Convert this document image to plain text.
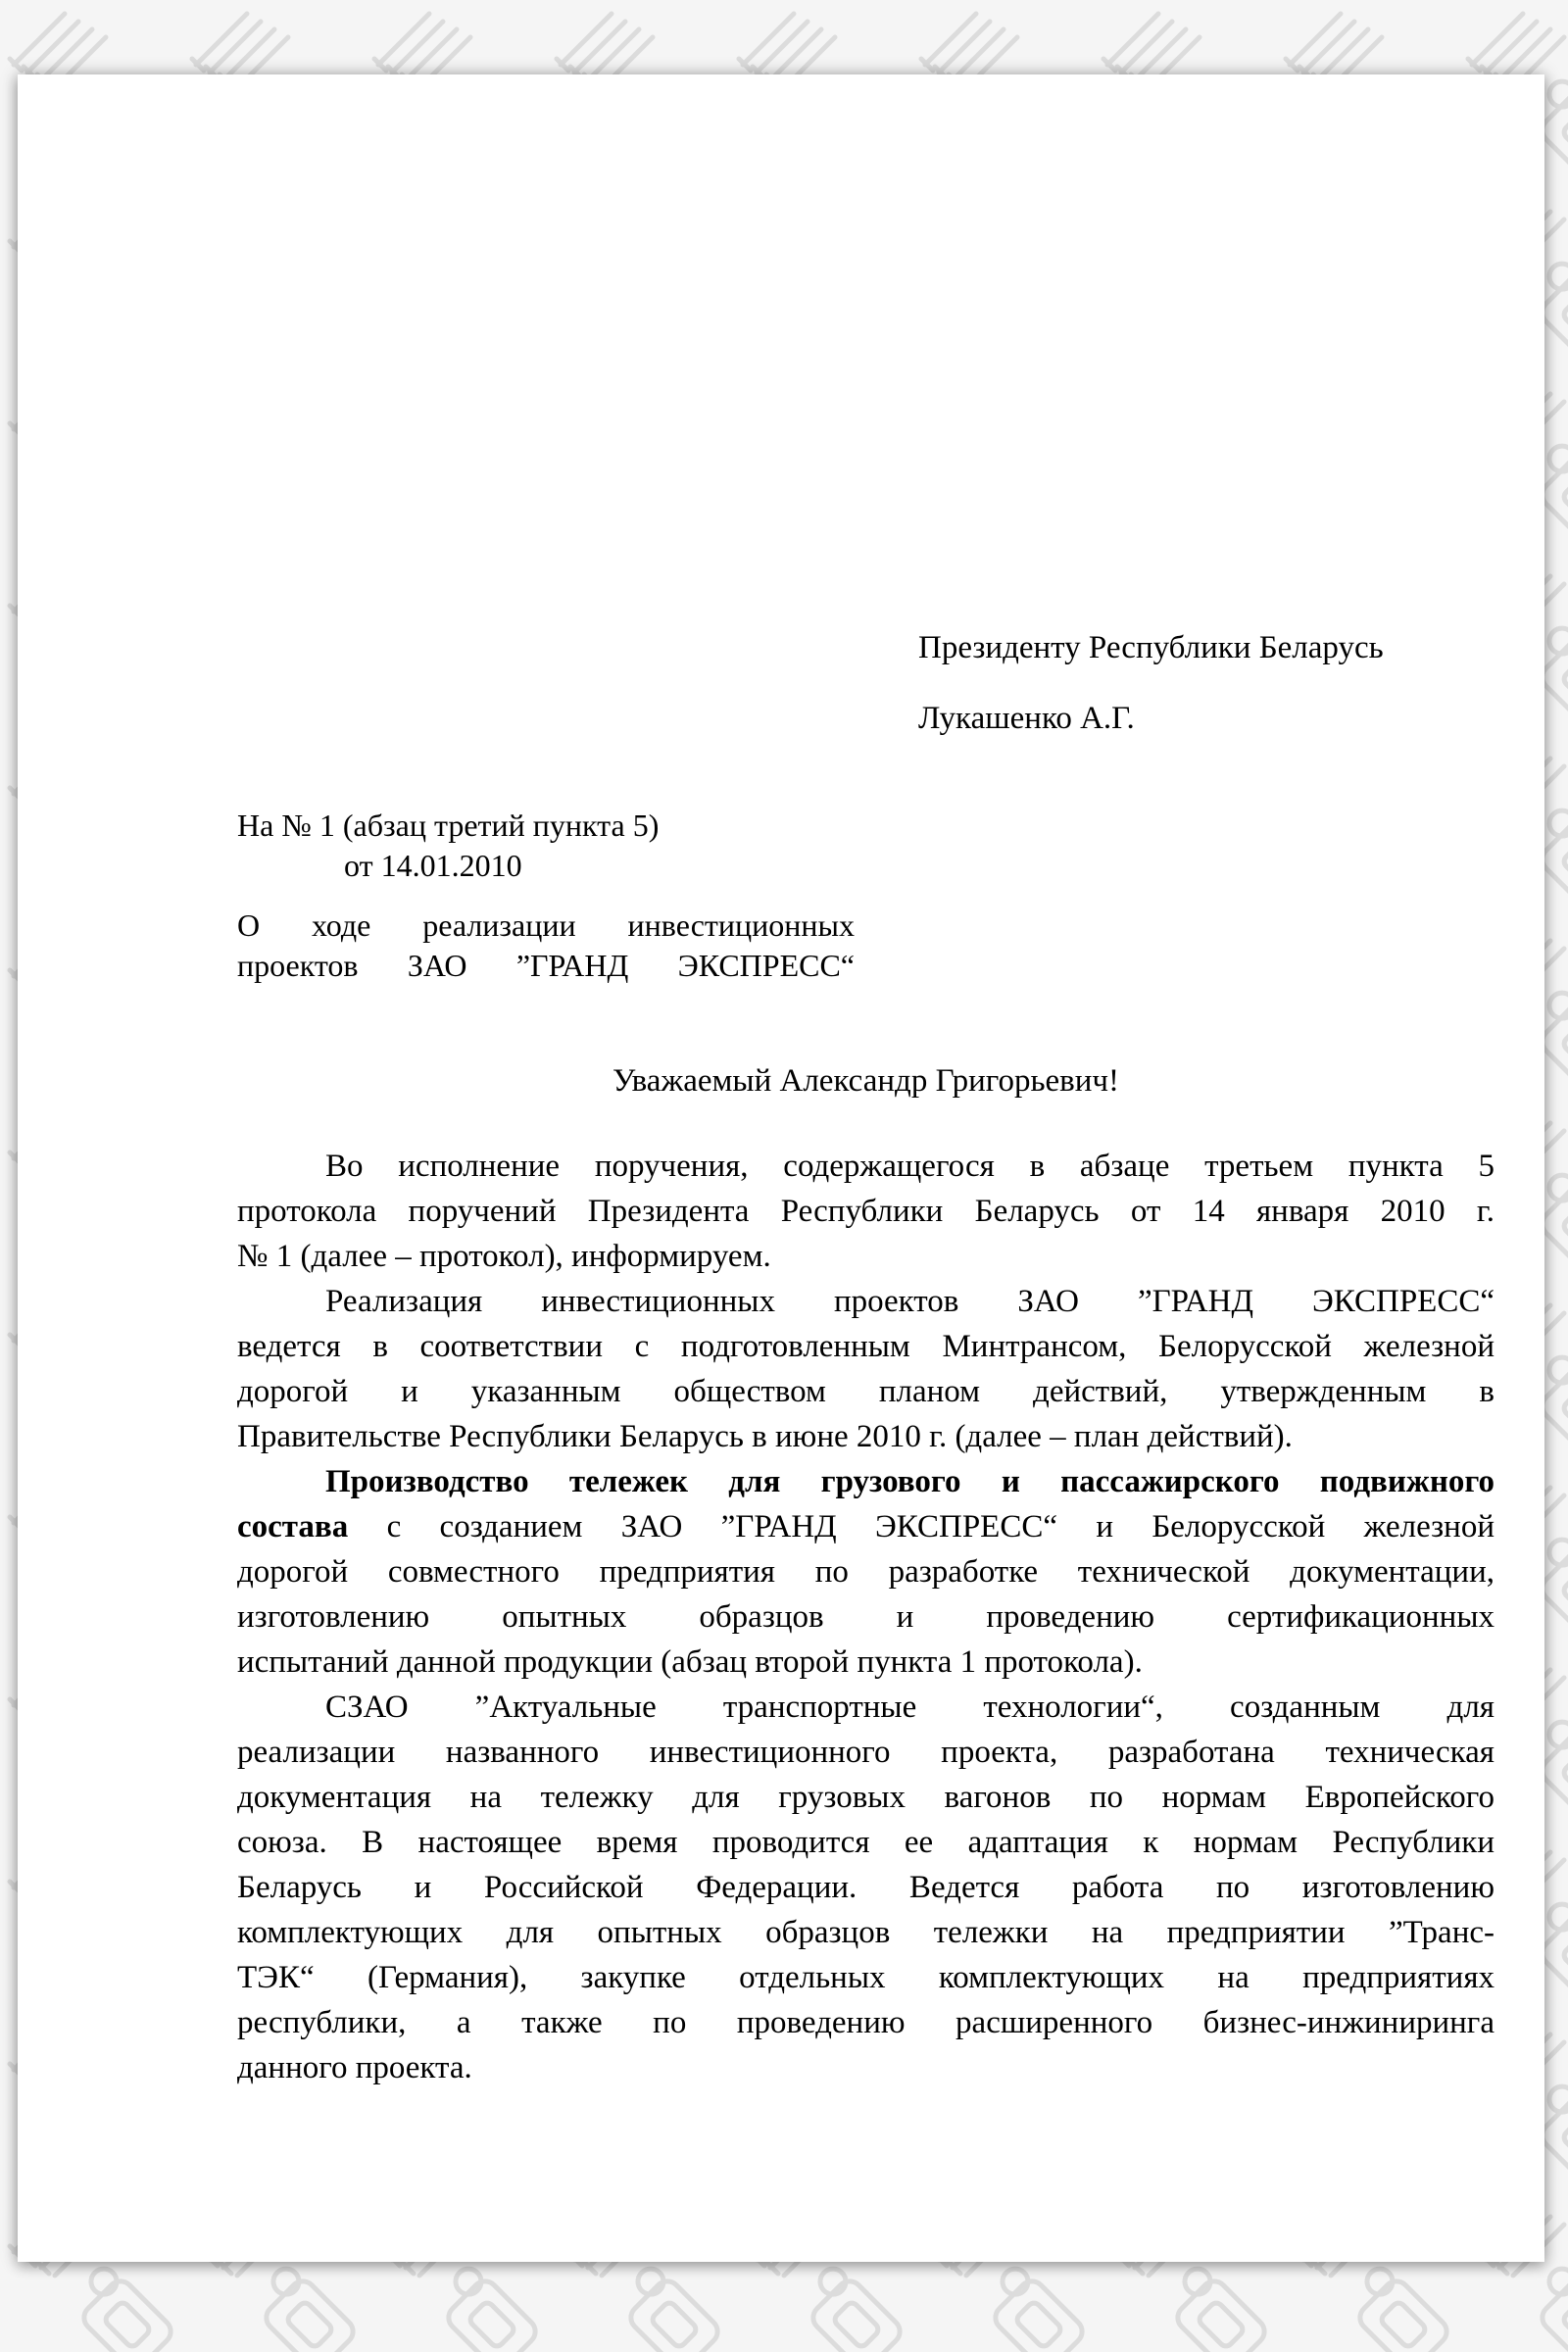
Президенту Республики Беларусь
Лукашенко А.Г.
На № 1 (абзац третий пункта 5)
от 14.01.2010
О ходе реализации инвестиционных
проектов ЗАО ”ГРАНД ЭКСПРЕСС“
Уважаемый Александр Григорьевич!
Во исполнение поручения, содержащегося в абзаце третьем пункта 5
протокола поручений Президента Республики Беларусь от 14 января 2010 г.
№ 1 (далее – протокол), информируем.
Реализация инвестиционных проектов ЗАО ”ГРАНД ЭКСПРЕСС“
ведется в соответствии с подготовленным Минтрансом, Белорусской железной
дорогой и указанным обществом планом действий, утвержденным в
Правительстве Республики Беларусь в июне 2010 г. (далее – план действий).
Производство тележек для грузового и пассажирского подвижного
состава с созданием ЗАО ”ГРАНД ЭКСПРЕСС“ и Белорусской железной
дорогой совместного предприятия по разработке технической документации,
изготовлению опытных образцов и проведению сертификационных
испытаний данной продукции (абзац второй пункта 1 протокола).
СЗАО ”Актуальные транспортные технологии“, созданным для
реализации названного инвестиционного проекта, разработана техническая
документация на тележку для грузовых вагонов по нормам Европейского
союза. В настоящее время проводится ее адаптация к нормам Республики
Беларусь и Российской Федерации. Ведется работа по изготовлению
комплектующих для опытных образцов тележки на предприятии ”Транс-
ТЭК“ (Германия), закупке отдельных комплектующих на предприятиях
республики, а также по проведению расширенного бизнес-инжиниринга
данного проекта.
